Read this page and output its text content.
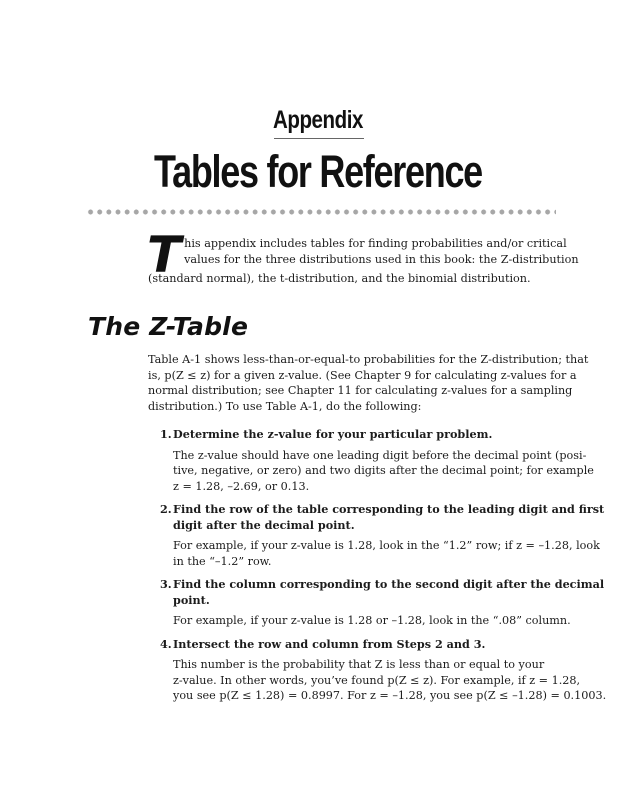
Appendix
Tables for Reference
T his appendix includes tables for finding probabilities and/or critical
values for the three distributions used in this book: the Z-distribution
(standard normal), the t-distribution, and the binomial distribution.
The Z-Table
Table A-1 shows less-than-or-equal-to probabilities for the Z-distribution; that
is, p(Z ≤ z) for a given z-value. (See Chapter 9 for calculating z-values for a
normal distribution; see Chapter 11 for calculating z-values for a sampling
distribution.) To use Table A-1, do the following:
1. Determine the z-value for your particular problem.
The z-value should have one leading digit before the decimal point (posi-
tive, negative, or zero) and two digits after the decimal point; for example
z = 1.28, –2.69, or 0.13.
2. Find the row of the table corresponding to the leading digit and first
digit after the decimal point.
For example, if your z-value is 1.28, look in the “1.2” row; if z = –1.28, look
in the “–1.2” row.
3. Find the column corresponding to the second digit after the decimal
point.
For example, if your z-value is 1.28 or –1.28, look in the “.08” column.
4. Intersect the row and column from Steps 2 and 3.
This number is the probability that Z is less than or equal to your
z-value. In other words, you’ve found p(Z ≤ z). For example, if z = 1.28,
you see p(Z ≤ 1.28) = 0.8997. For z = –1.28, you see p(Z ≤ –1.28) = 0.1003.
